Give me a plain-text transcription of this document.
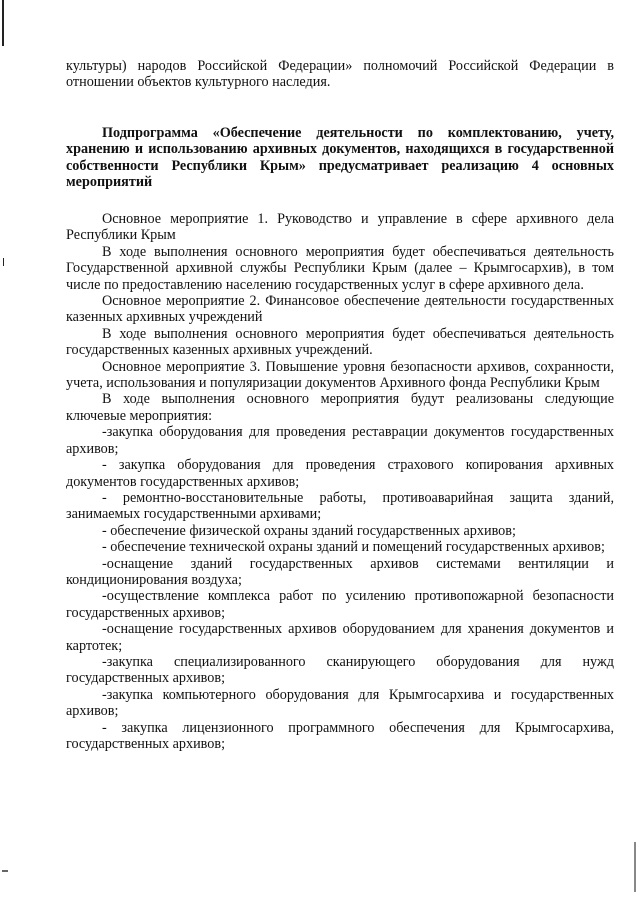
культуры) народов Российской Федерации» полномочий Российской Федерации в отношении объектов культурного наследия.

Подпрограмма «Обеспечение деятельности по комплектованию, учету, хранению и использованию архивных документов, находящихся в государственной собственности Республики Крым» предусматривает реализацию 4 основных мероприятий

Основное мероприятие 1. Руководство и управление в сфере архивного дела Республики Крым

В ходе выполнения основного мероприятия будет обеспечиваться деятельность Государственной архивной службы Республики Крым (далее – Крымгосархив), в том числе по предоставлению населению государственных услуг в сфере архивного дела.

Основное мероприятие 2. Финансовое обеспечение деятельности государственных казенных архивных учреждений

В ходе выполнения основного мероприятия будет обеспечиваться деятельность государственных казенных архивных учреждений.

Основное мероприятие 3. Повышение уровня безопасности архивов, сохранности, учета, использования и популяризации документов Архивного фонда Республики Крым

В ходе выполнения основного мероприятия будут реализованы следующие ключевые мероприятия:

-закупка оборудования для проведения реставрации документов государственных архивов;

- закупка оборудования для проведения страхового копирования архивных документов государственных архивов;

- ремонтно-восстановительные работы, противоаварийная защита зданий, занимаемых государственными архивами;

- обеспечение физической охраны зданий государственных архивов;

- обеспечение технической охраны зданий и помещений государственных архивов;

-оснащение зданий государственных архивов системами вентиляции и кондиционирования воздуха;

-осуществление комплекса работ по усилению противопожарной безопасности государственных архивов;

-оснащение государственных архивов оборудованием для хранения документов и картотек;

-закупка специализированного сканирующего оборудования для нужд государственных архивов;

-закупка компьютерного оборудования для Крымгосархива и государственных архивов;

- закупка лицензионного программного обеспечения для Крымгосархива, государственных архивов;
